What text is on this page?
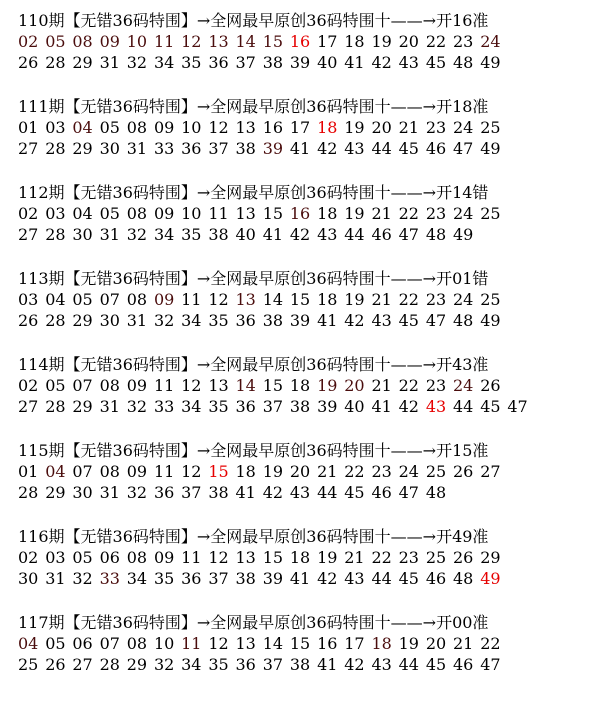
110期【无错36码特围】→全网最早原创36码特围十——→开16准
02 05 08 09 10 11 12 13 14 15 16 17 18 19 20 22 23 24
26 28 29 31 32 34 35 36 37 38 39 40 41 42 43 45 48 49
111期【无错36码特围】→全网最早原创36码特围十——→开18准
01 03 04 05 08 09 10 12 13 16 17 18 19 20 21 23 24 25
27 28 29 30 31 33 36 37 38 39 41 42 43 44 45 46 47 49
112期【无错36码特围】→全网最早原创36码特围十——→开14错
02 03 04 05 08 09 10 11 13 15 16 18 19 21 22 23 24 25
27 28 30 31 32 34 35 38 40 41 42 43 44 46 47 48 49
113期【无错36码特围】→全网最早原创36码特围十——→开01错
03 04 05 07 08 09 11 12 13 14 15 18 19 21 22 23 24 25
26 28 29 30 31 32 34 35 36 38 39 41 42 43 45 47 48 49
114期【无错36码特围】→全网最早原创36码特围十——→开43准
02 05 07 08 09 11 12 13 14 15 18 19 20 21 22 23 24 26
27 28 29 31 32 33 34 35 36 37 38 39 40 41 42 43 44 45 47
115期【无错36码特围】→全网最早原创36码特围十——→开15准
01 04 07 08 09 11 12 15 18 19 20 21 22 23 24 25 26 27
28 29 30 31 32 36 37 38 41 42 43 44 45 46 47 48
116期【无错36码特围】→全网最早原创36码特围十——→开49准
02 03 05 06 08 09 11 12 13 15 18 19 21 22 23 25 26 29
30 31 32 33 34 35 36 37 38 39 41 42 43 44 45 46 48 49
117期【无错36码特围】→全网最早原创36码特围十——→开00准
04 05 06 07 08 10 11 12 13 14 15 16 17 18 19 20 21 22
25 26 27 28 29 32 34 35 36 37 38 41 42 43 44 45 46 47
